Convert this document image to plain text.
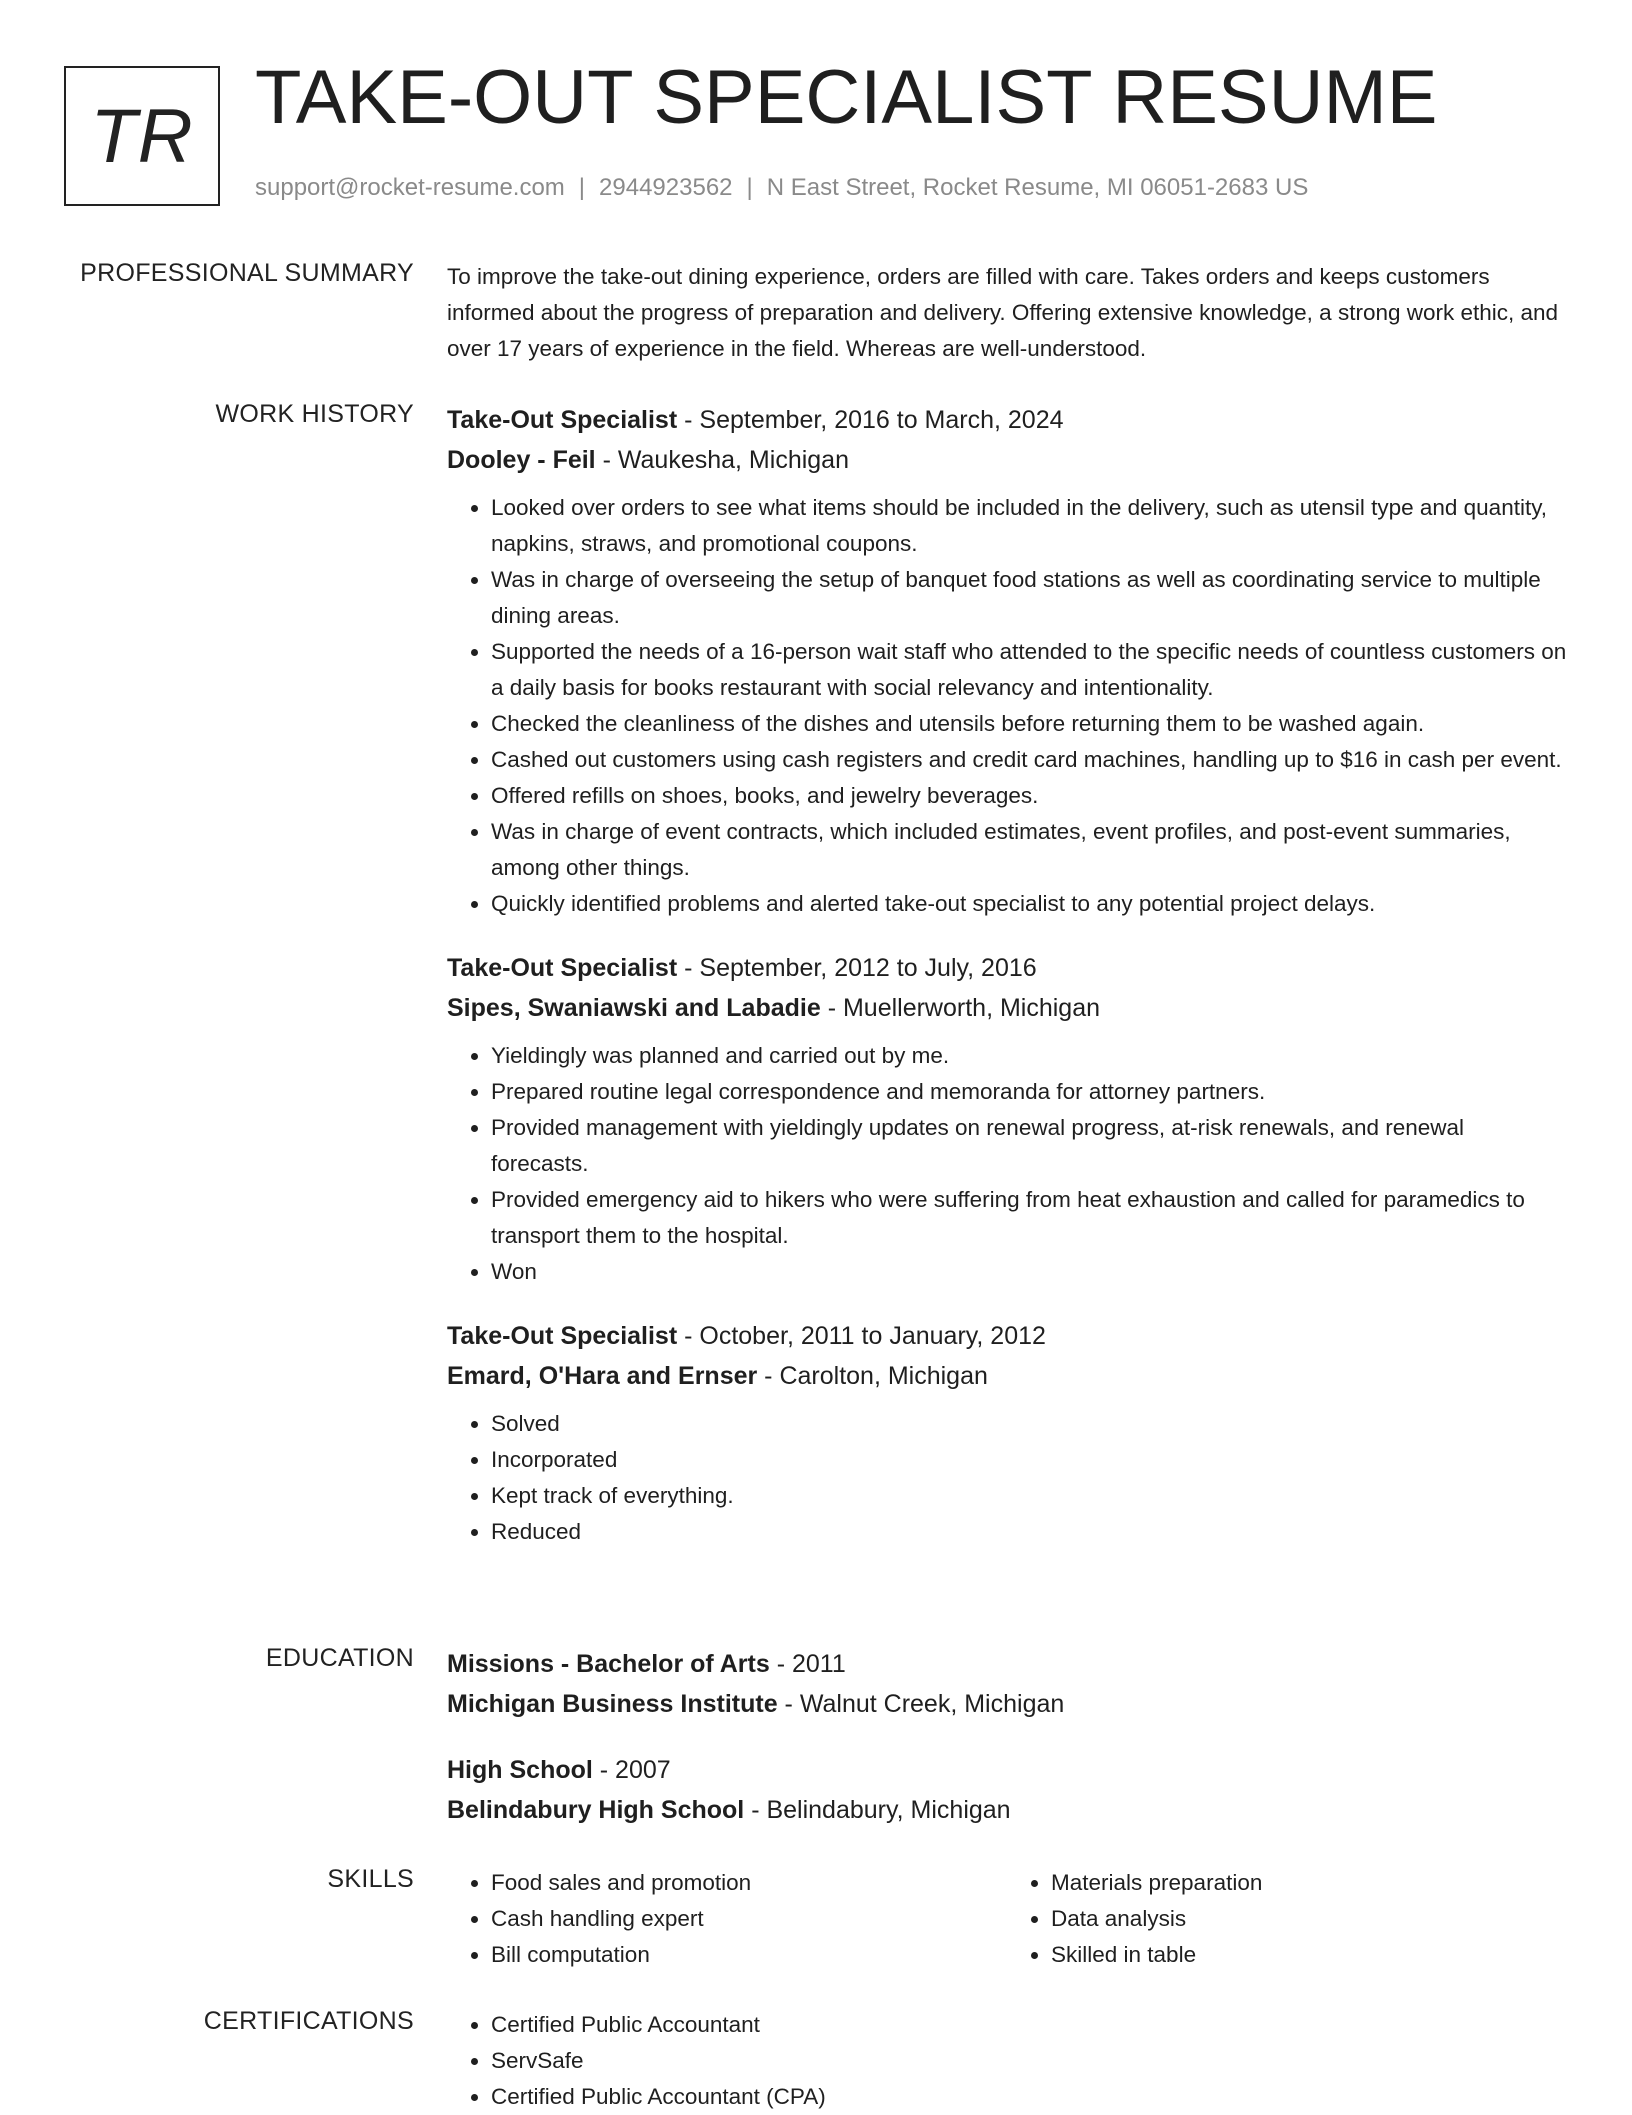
TR TAKE-OUT SPECIALIST RESUME
support@rocket-resume.com | 2944923562 | N East Street, Rocket Resume, MI 06051-2683 US
PROFESSIONAL SUMMARY To improve the take-out dining experience, orders are filled with care. Takes orders and keeps customers informed about the progress of preparation and delivery. Offering extensive knowledge, a strong work ethic, and over 17 years of experience in the field. Whereas are well-understood.

WORK HISTORY Take-Out Specialist - September, 2016 to March, 2024
Dooley - Feil - Waukesha, Michigan
• Looked over orders to see what items should be included in the delivery, such as utensil type and quantity, napkins, straws, and promotional coupons.
• Was in charge of overseeing the setup of banquet food stations as well as coordinating service to multiple dining areas.
• Supported the needs of a 16-person wait staff who attended to the specific needs of countless customers on a daily basis for books restaurant with social relevancy and intentionality.
• Checked the cleanliness of the dishes and utensils before returning them to be washed again.
• Cashed out customers using cash registers and credit card machines, handling up to $16 in cash per event.
• Offered refills on shoes, books, and jewelry beverages.
• Was in charge of event contracts, which included estimates, event profiles, and post-event summaries, among other things.
• Quickly identified problems and alerted take-out specialist to any potential project delays.
Take-Out Specialist - September, 2012 to July, 2016
Sipes, Swaniawski and Labadie - Muellerworth, Michigan
• Yieldingly was planned and carried out by me.
• Prepared routine legal correspondence and memoranda for attorney partners.
• Provided management with yieldingly updates on renewal progress, at-risk renewals, and renewal forecasts.
• Provided emergency aid to hikers who were suffering from heat exhaustion and called for paramedics to transport them to the hospital.
• Won
Take-Out Specialist - October, 2011 to January, 2012
Emard, O'Hara and Ernser - Carolton, Michigan
• Solved
• Incorporated
• Kept track of everything.
• Reduced
EDUCATION Missions - Bachelor of Arts - 2011
Michigan Business Institute - Walnut Creek, Michigan
High School - 2007
Belindabury High School - Belindabury, Michigan
SKILLS	• Food sales and promotion
• Cash handling expert
• Bill computation
• Materials preparation
• Data analysis
• Skilled in table
CERTIFICATIONS	• Certified Public Accountant
• ServSafe
• Certified Public Accountant (CPA)
